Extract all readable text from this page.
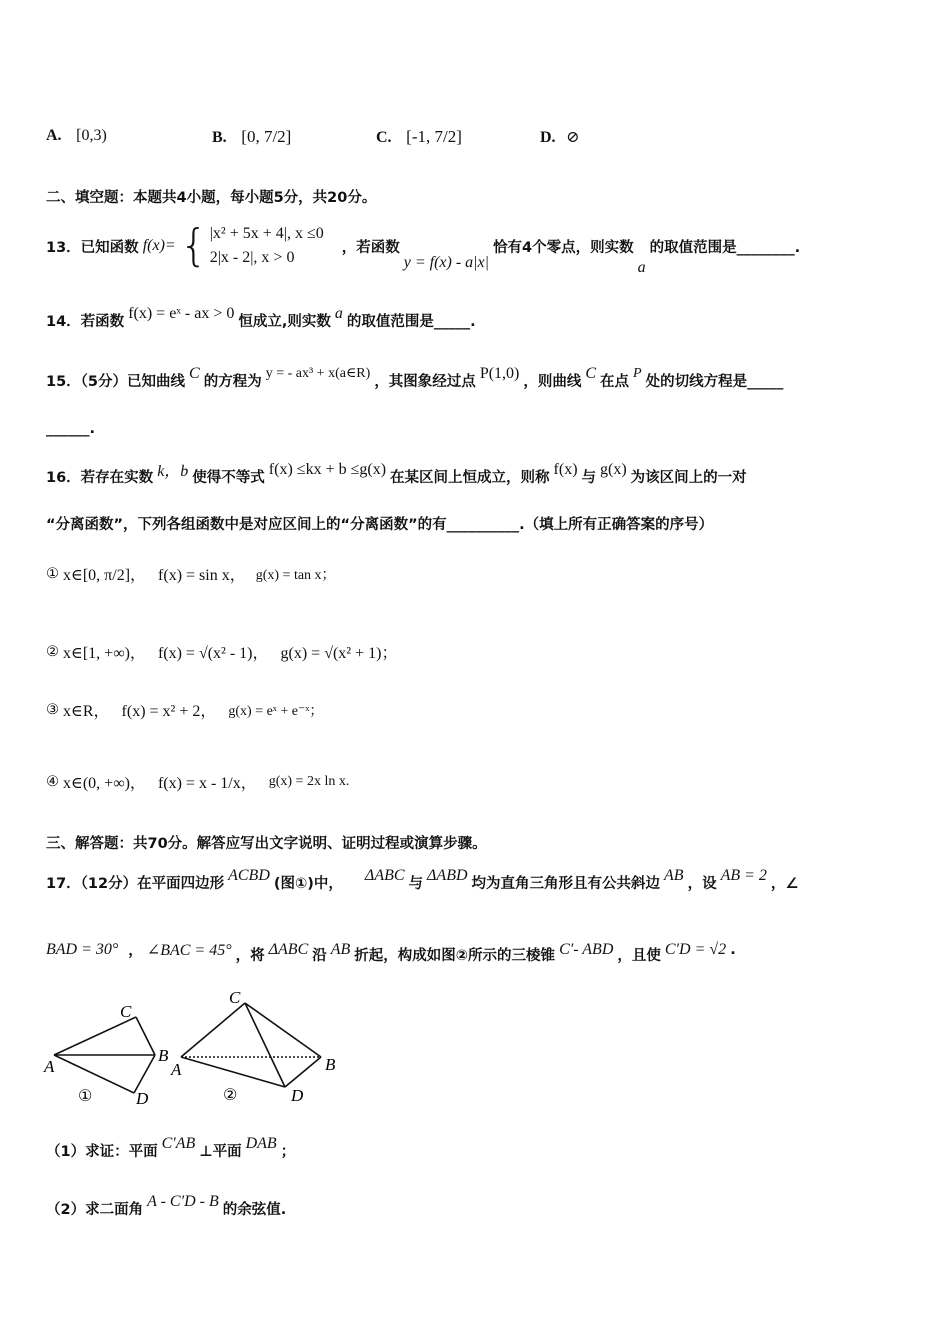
A. [0,3)	B. [0, 7/2]	C. [-1, 7/2]	D. ⊘
二、填空题：本题共4小题，每小题5分，共20分。
13．已知函数 f(x)= { |x² + 5x + 4|, x ≤0
2|x - 2|, x > 0
，若函数
y = f(x) - a|x|
恰有4个零点，则实数
a
的取值范围是________.
14．若函数
f(x) = eˣ - ax > 0
恒成立,则实数
a
的取值范围是_____.
15．（5分）已知曲线
C
的方程为
y = - ax³ + x(a∈R)
，其图象经过点
P(1,0)
，则曲线
C
在点
P
处的切线方程是_____
______.
16．若存在实数 k，b 使得不等式
f(x) ≤kx + b ≤g(x)
在某区间上恒成立，则称
f(x)
与
g(x)
为该区间上的一对
“分离函数”，下列各组函数中是对应区间上的“分离函数”的有__________.（填上所有正确答案的序号）
① x∈[0, π/2]， f(x) = sin x， g(x) = tan x；
② x∈[1, +∞)， f(x) = √(x² - 1)， g(x) = √(x² + 1)；
③ x∈R， f(x) = x² + 2， g(x) = eˣ + e⁻ˣ；
④ x∈(0, +∞)， f(x) = x - 1/x， g(x) = 2x ln x.
三、解答题：共70分。解答应写出文字说明、证明过程或演算步骤。
17．（12分）在平面四边形
ACBD
(图①)中，
ΔABC
与
ΔABD
均为直角三角形且有公共斜边
AB
，设
AB = 2
，∠
BAD = 30° ， ∠BAC = 45° ，将 ΔABC 沿 AB 折起，构成如图②所示的三棱锥 C′- ABD ，且使 C′D = √2 .
A
B
C
D
①
A	B
C
D
②
（1）求证：平面
C′AB
⊥平面
DAB
；
（2）求二面角
A - C′D - B
的余弦值.
